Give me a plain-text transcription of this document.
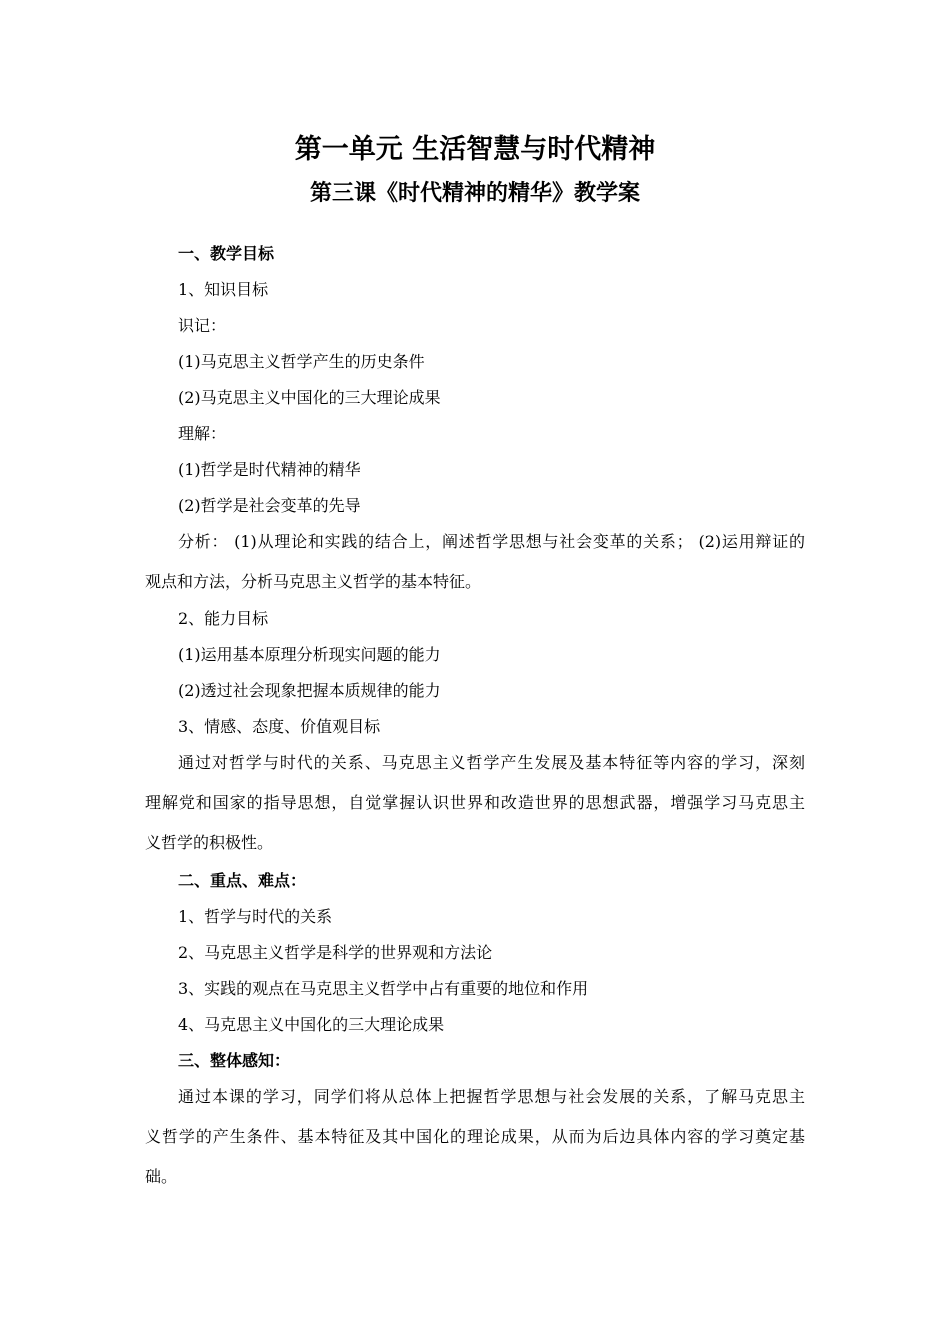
第一单元 生活智慧与时代精神
第三课《时代精神的精华》教学案
一、教学目标
1、知识目标
识记：
(1)马克思主义哲学产生的历史条件
(2)马克思主义中国化的三大理论成果
理解：
(1)哲学是时代精神的精华
(2)哲学是社会变革的先导
分析： (1)从理论和实践的结合上，阐述哲学思想与社会变革的关系； (2)运用辩证的
观点和方法，分析马克思主义哲学的基本特征。
2、能力目标
(1)运用基本原理分析现实问题的能力
(2)透过社会现象把握本质规律的能力
3、情感、态度、价值观目标
通过对哲学与时代的关系、马克思主义哲学产生发展及基本特征等内容的学习，深刻
理解党和国家的指导思想，自觉掌握认识世界和改造世界的思想武器，增强学习马克思主
义哲学的积极性。
二、重点、难点：
1、哲学与时代的关系
2、马克思主义哲学是科学的世界观和方法论
3、实践的观点在马克思主义哲学中占有重要的地位和作用
4、马克思主义中国化的三大理论成果
三、整体感知：
通过本课的学习，同学们将从总体上把握哲学思想与社会发展的关系，了解马克思主
义哲学的产生条件、基本特征及其中国化的理论成果，从而为后边具体内容的学习奠定基
础。
